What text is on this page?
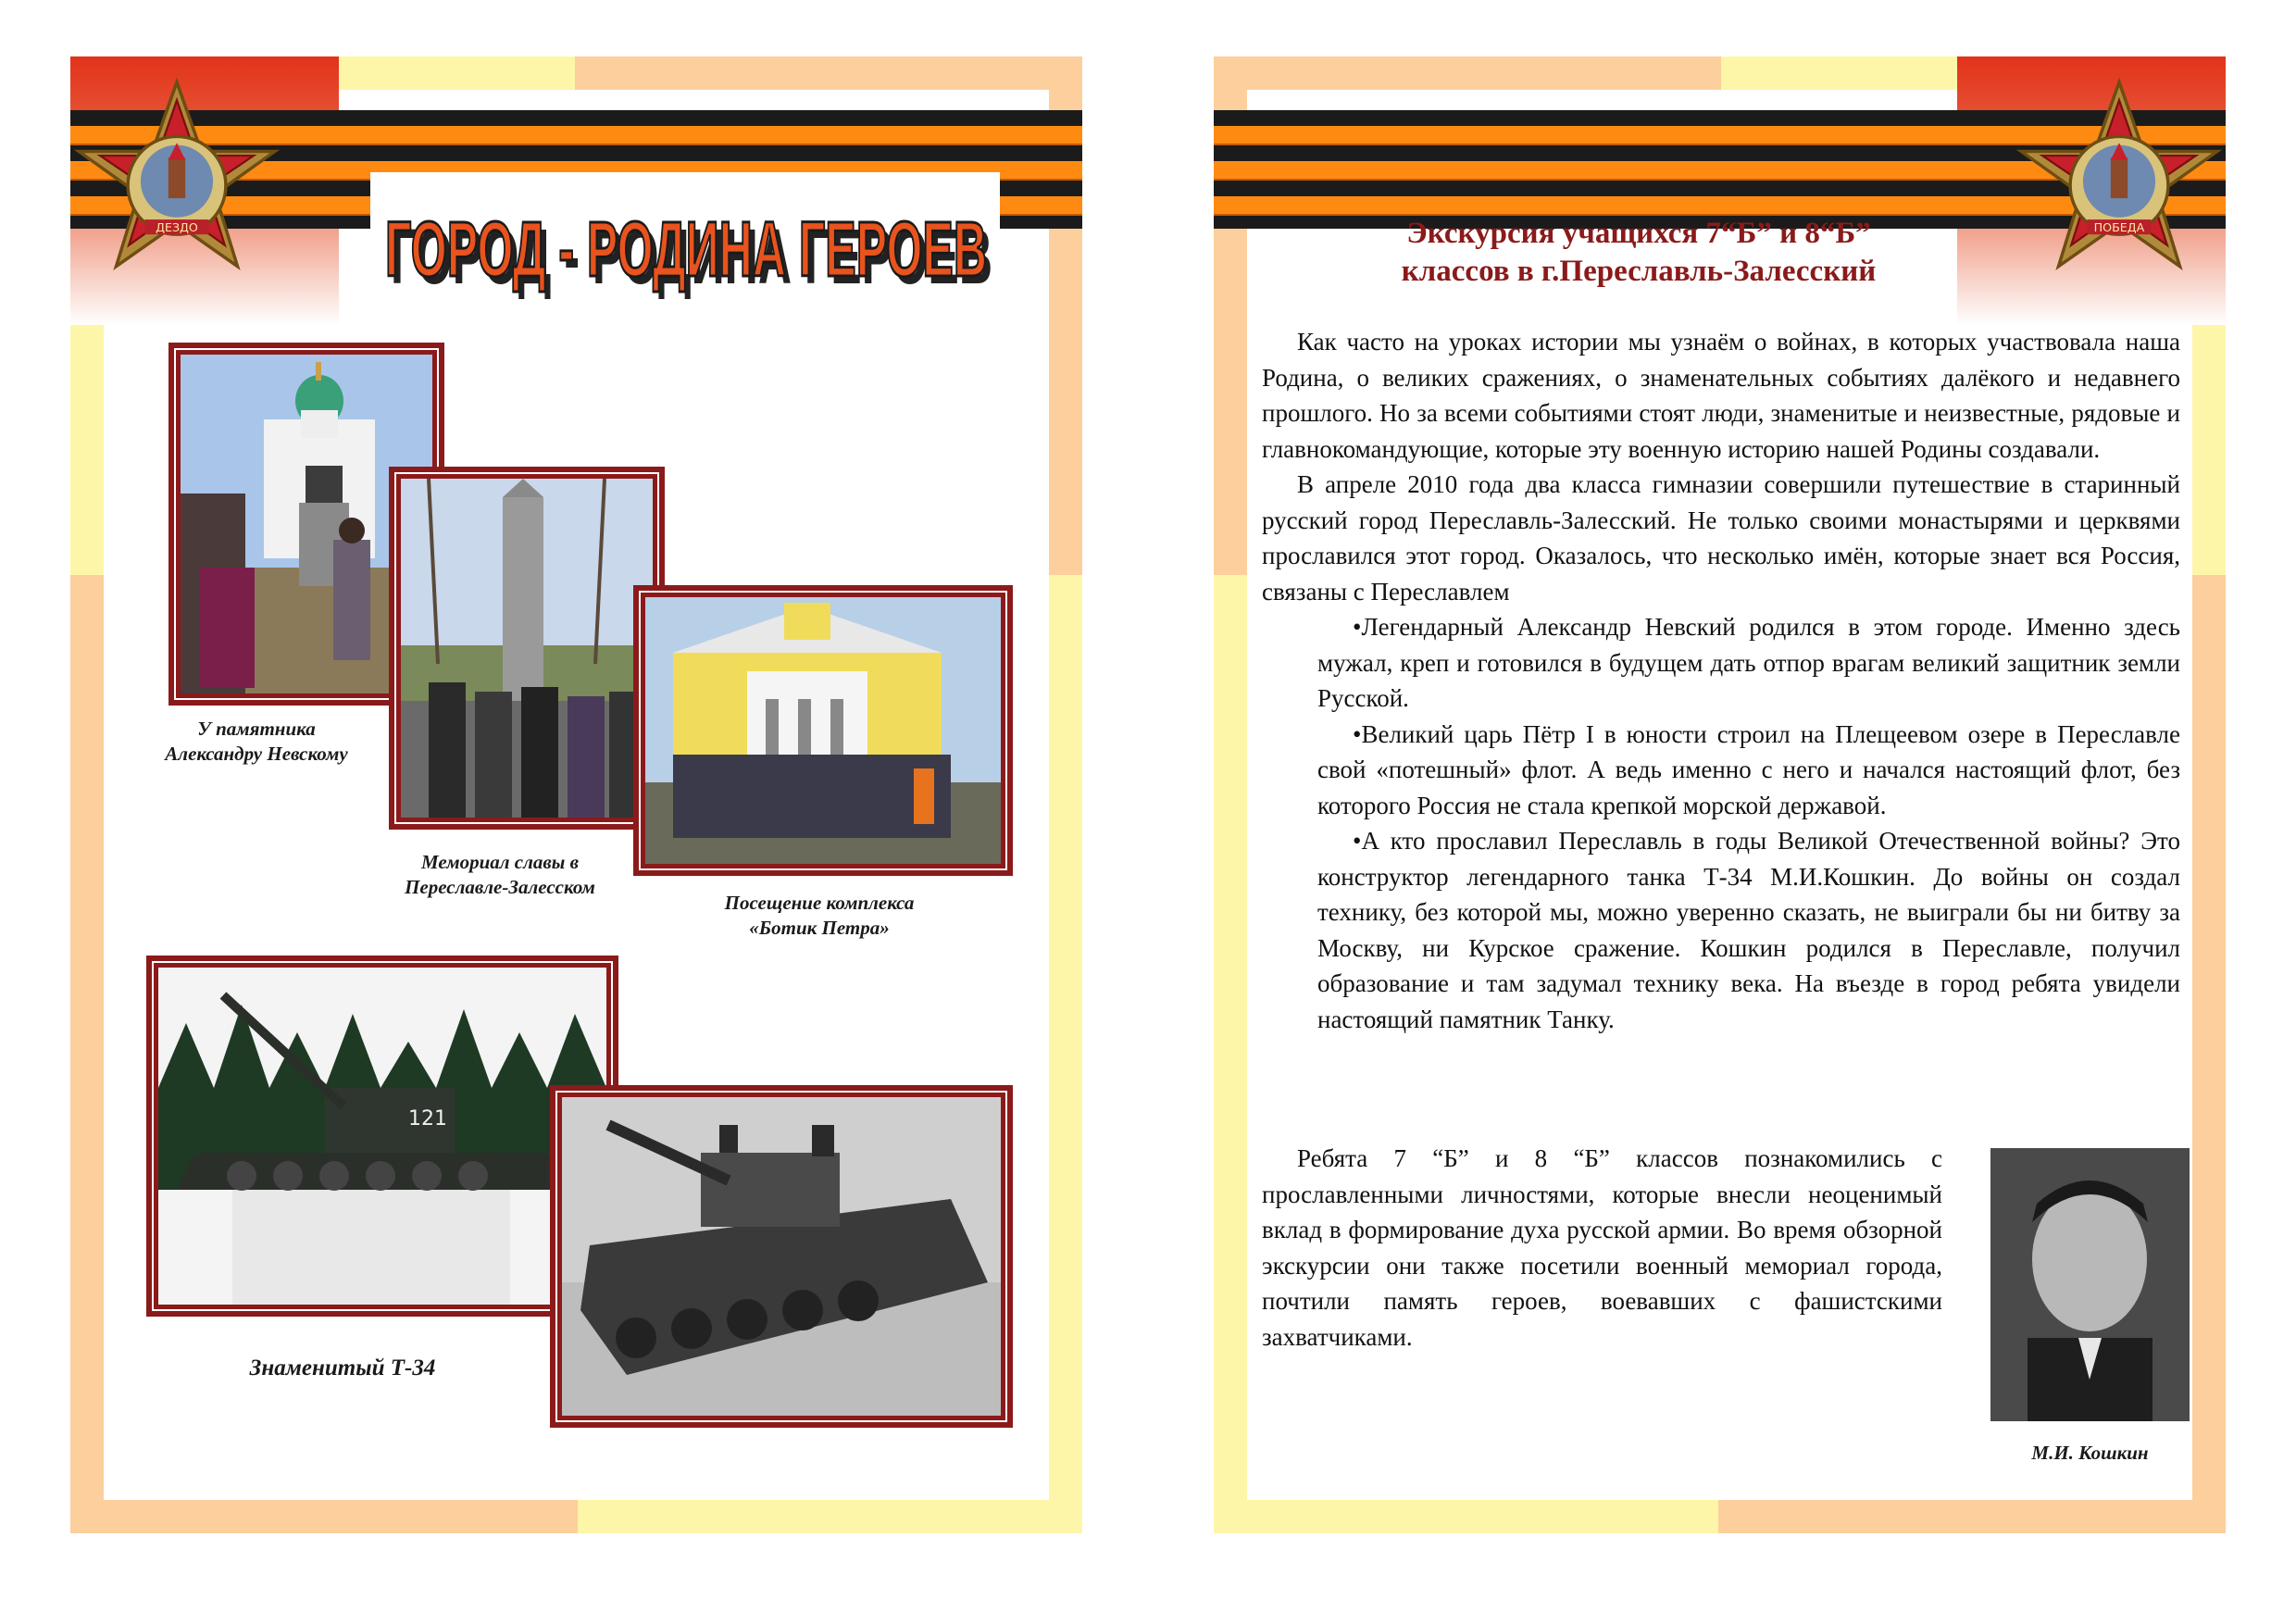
ДЕЗДО ГОРОД - РОДИНА ГЕРОЕВ
ГОРОД - РОДИНА ГЕРОЕВ
У памятника
Александру Невскому
Мемориал славы в
Переславле-Залесском
Посещение комплекса
«Ботик Петра»
121
Знаменитый Т-34
ПОБЕДА
Экскурсия учащихся 7“Б” и 8“Б”
классов в г.Переславль-Залесский

Как часто на уроках истории мы узнаём о войнах, в которых участвовала наша Родина, о великих сражениях, о знаменательных событиях далёкого и недавнего прошлого. Но за всеми событиями стоят люди, знаменитые и неизвестные, рядовые и главнокомандующие, которые эту военную историю нашей Родины создавали.

В апреле 2010 года два класса гимназии совершили путешествие в старинный русский город Переславль-Залесский. Не только своими монастырями и церквями прославился этот город. Оказалось, что несколько имён, которые знает вся Россия, связаны с Переславлем

•Легендарный Александр Невский родился в этом городе. Именно здесь мужал, креп и готовился в будущем дать отпор врагам великий защитник земли Русской.

•Великий царь Пётр I в юности строил на Плещеевом озере в Переславле свой «потешный» флот. А ведь именно с него и начался настоящий флот, без которого Россия не стала крепкой морской державой.

•А кто прославил Переславль в годы Великой Отечественной войны? Это конструктор легендарного танка Т-34 М.И.Кошкин. До войны он создал технику, без которой мы, можно уверенно сказать, не выиграли бы ни битву за Москву, ни Курское сражение. Кошкин родился в Переславле, получил образование и там задумал технику века. На въезде в город ребята увидели настоящий памятник Танку.

Ребята 7 “Б” и 8 “Б” классов познакомились с прославленными личностями, которые внесли неоценимый вклад в формирование духа русской армии. Во время обзорной экскурсии они также посетили военный мемориал города, почтили память героев, воевавших с фашистскими захватчиками.

М.И. Кошкин
